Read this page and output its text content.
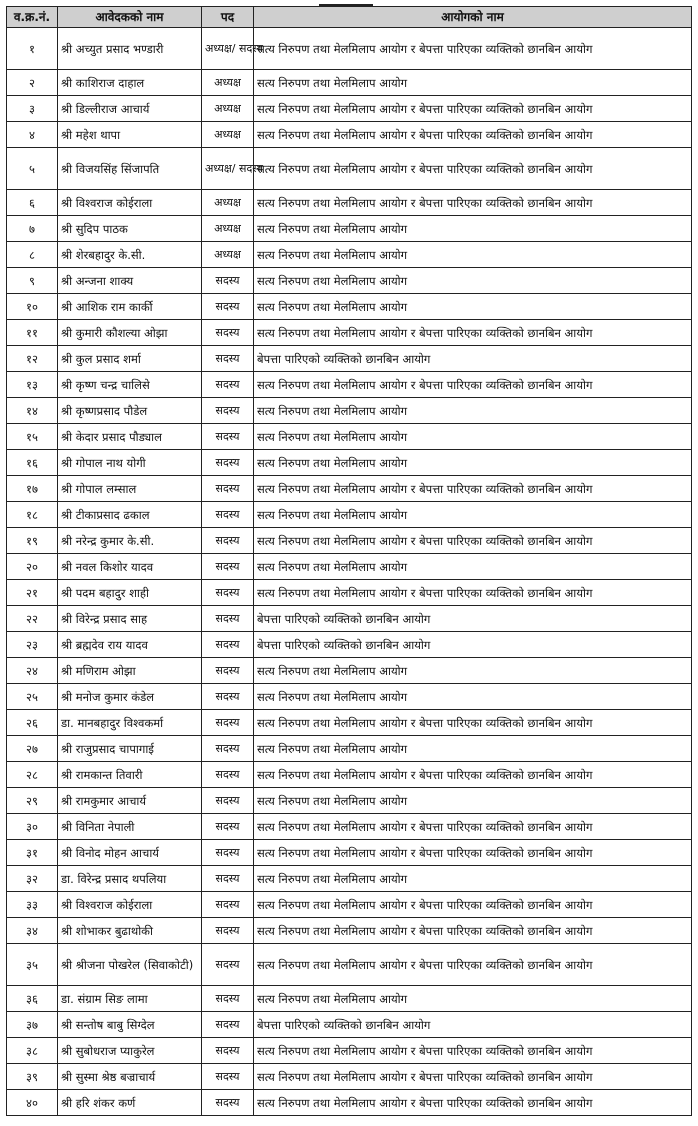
व.क्र.नं.	आवेदकको नाम	पद	आयोगको नाम
१	श्री अच्युत प्रसाद भण्डारी	अध्यक्ष/ सदस्य	सत्य निरुपण तथा मेलमिलाप आयोग र बेपत्ता पारिएका व्यक्तिको छानबिन आयोग
२	श्री काशिराज दाहाल	अध्यक्ष	सत्य निरुपण तथा मेलमिलाप आयोग
३	श्री डिल्लीराज आचार्य	अध्यक्ष	सत्य निरुपण तथा मेलमिलाप आयोग र बेपत्ता पारिएका व्यक्तिको छानबिन आयोग
४	श्री महेश थापा	अध्यक्ष	सत्य निरुपण तथा मेलमिलाप आयोग र बेपत्ता पारिएका व्यक्तिको छानबिन आयोग
५	श्री विजयसिंह सिंजापति	अध्यक्ष/ सदस्य	सत्य निरुपण तथा मेलमिलाप आयोग र बेपत्ता पारिएका व्यक्तिको छानबिन आयोग
६	श्री विश्वराज कोईराला	अध्यक्ष	सत्य निरुपण तथा मेलमिलाप आयोग र बेपत्ता पारिएका व्यक्तिको छानबिन आयोग
७	श्री सुदिप पाठक	अध्यक्ष	सत्य निरुपण तथा मेलमिलाप आयोग
८	श्री शेरबहादुर के.सी.	अध्यक्ष	सत्य निरुपण तथा मेलमिलाप आयोग
९	श्री अन्जना शाक्य	सदस्य	सत्य निरुपण तथा मेलमिलाप आयोग
१०	श्री आशिक राम कार्की	सदस्य	सत्य निरुपण तथा मेलमिलाप आयोग
११	श्री कुमारी कौशल्या ओझा	सदस्य	सत्य निरुपण तथा मेलमिलाप आयोग र बेपत्ता पारिएका व्यक्तिको छानबिन आयोग
१२	श्री कुल प्रसाद शर्मा	सदस्य	बेपत्ता पारिएको व्यक्तिको छानबिन आयोग
१३	श्री कृष्ण चन्द्र चालिसे	सदस्य	सत्य निरुपण तथा मेलमिलाप आयोग र बेपत्ता पारिएका व्यक्तिको छानबिन आयोग
१४	श्री कृष्णप्रसाद पौडेल	सदस्य	सत्य निरुपण तथा मेलमिलाप आयोग
१५	श्री केदार प्रसाद पौड्याल	सदस्य	सत्य निरुपण तथा मेलमिलाप आयोग
१६	श्री गोपाल नाथ योगी	सदस्य	सत्य निरुपण तथा मेलमिलाप आयोग
१७	श्री गोपाल लम्साल	सदस्य	सत्य निरुपण तथा मेलमिलाप आयोग र बेपत्ता पारिएका व्यक्तिको छानबिन आयोग
१८	श्री टीकाप्रसाद ढकाल	सदस्य	सत्य निरुपण तथा मेलमिलाप आयोग
१९	श्री नरेन्द्र कुमार के.सी.	सदस्य	सत्य निरुपण तथा मेलमिलाप आयोग र बेपत्ता पारिएका व्यक्तिको छानबिन आयोग
२०	श्री नवल किशोर यादव	सदस्य	सत्य निरुपण तथा मेलमिलाप आयोग
२१	श्री पदम बहादुर शाही	सदस्य	सत्य निरुपण तथा मेलमिलाप आयोग र बेपत्ता पारिएका व्यक्तिको छानबिन आयोग
२२	श्री विरेन्द्र प्रसाद साह	सदस्य	बेपत्ता पारिएको व्यक्तिको छानबिन आयोग
२३	श्री ब्रह्मदेव राय यादव	सदस्य	बेपत्ता पारिएको व्यक्तिको छानबिन आयोग
२४	श्री मणिराम ओझा	सदस्य	सत्य निरुपण तथा मेलमिलाप आयोग
२५	श्री मनोज कुमार कंडेल	सदस्य	सत्य निरुपण तथा मेलमिलाप आयोग
२६	डा. मानबहादुर विश्वकर्मा	सदस्य	सत्य निरुपण तथा मेलमिलाप आयोग र बेपत्ता पारिएका व्यक्तिको छानबिन आयोग
२७	श्री राजुप्रसाद चापागाई	सदस्य	सत्य निरुपण तथा मेलमिलाप आयोग
२८	श्री रामकान्त तिवारी	सदस्य	सत्य निरुपण तथा मेलमिलाप आयोग र बेपत्ता पारिएका व्यक्तिको छानबिन आयोग
२९	श्री रामकुमार आचार्य	सदस्य	सत्य निरुपण तथा मेलमिलाप आयोग
३०	श्री विनिता नेपाली	सदस्य	सत्य निरुपण तथा मेलमिलाप आयोग र बेपत्ता पारिएका व्यक्तिको छानबिन आयोग
३१	श्री विनोद मोहन आचार्य	सदस्य	सत्य निरुपण तथा मेलमिलाप आयोग र बेपत्ता पारिएका व्यक्तिको छानबिन आयोग
३२	डा. विरेन्द्र प्रसाद थपलिया	सदस्य	सत्य निरुपण तथा मेलमिलाप आयोग
३३	श्री विश्वराज कोईराला	सदस्य	सत्य निरुपण तथा मेलमिलाप आयोग र बेपत्ता पारिएका व्यक्तिको छानबिन आयोग
३४	श्री शोभाकर बुढाथोकी	सदस्य	सत्य निरुपण तथा मेलमिलाप आयोग र बेपत्ता पारिएका व्यक्तिको छानबिन आयोग
३५	श्री श्रीजना पोखरेल (सिवाकोटी)	सदस्य	सत्य निरुपण तथा मेलमिलाप आयोग र बेपत्ता पारिएका व्यक्तिको छानबिन आयोग
३६	डा. संग्राम सिङ लामा	सदस्य	सत्य निरुपण तथा मेलमिलाप आयोग
३७	श्री सन्तोष बाबु सिग्देल	सदस्य	बेपत्ता पारिएको व्यक्तिको छानबिन आयोग
३८	श्री सुबोधराज प्याकुरेल	सदस्य	सत्य निरुपण तथा मेलमिलाप आयोग र बेपत्ता पारिएका व्यक्तिको छानबिन आयोग
३९	श्री सुस्मा श्रेष्ठ बज्राचार्य	सदस्य	सत्य निरुपण तथा मेलमिलाप आयोग र बेपत्ता पारिएका व्यक्तिको छानबिन आयोग
४०	श्री हरि शंकर कर्ण	सदस्य	सत्य निरुपण तथा मेलमिलाप आयोग र बेपत्ता पारिएका व्यक्तिको छानबिन आयोग
